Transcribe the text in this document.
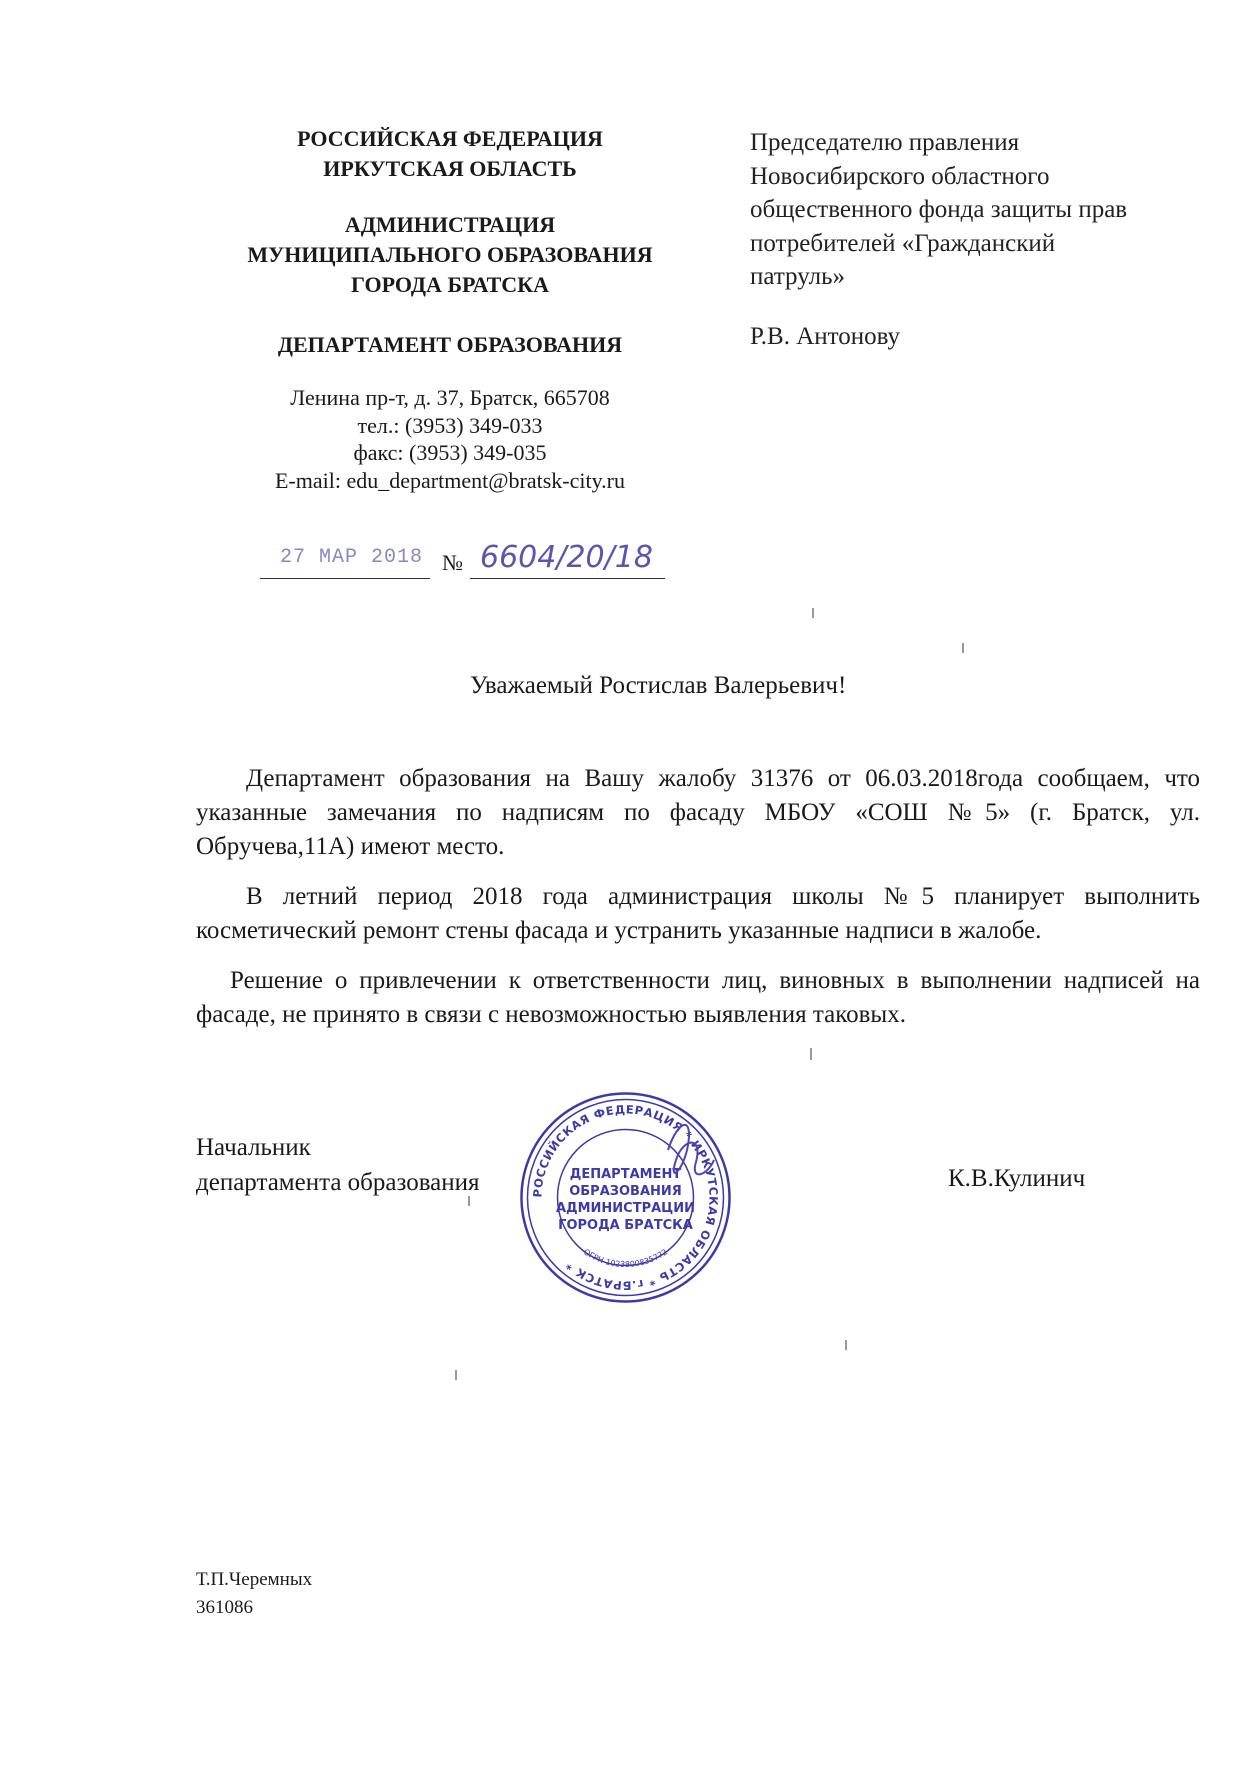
РОССИЙСКАЯ ФЕДЕРАЦИЯ

ИРКУТСКАЯ ОБЛАСТЬ

АДМИНИСТРАЦИЯ

МУНИЦИПАЛЬНОГО ОБРАЗОВАНИЯ

ГОРОДА БРАТСКА

ДЕПАРТАМЕНТ ОБРАЗОВАНИЯ

Ленина пр-т, д. 37, Братск, 665708

тел.: (3953) 349-033

факс: (3953) 349-035

E-mail: edu_department@bratsk-city.ru

Председателю правления
Новосибирского областного
общественного фонда защиты прав
потребителей «Гражданский
патруль»
Р.В. Антонову
27 МАР 2018 № 6604/20/18
Уважаемый Ростислав Валерьевич!

Департамент образования на Вашу жалобу 31376 от 06.03.2018года сообщаем, что указанные замечания по надписям по фасаду МБОУ «СОШ №5» (г. Братск, ул. Обручева,11А) имеют место.

В летний период 2018 года администрация школы №5 планирует выполнить косметический ремонт стены фасада и устранить указанные надписи в жалобе.

Решение о привлечении к ответственности лиц, виновных в выполнении надписей на фасаде, не принято в связи с невозможностью выявления таковых.

Начальник
департамента образования	К.В.Кулинич
РОССИЙСКАЯ ФЕДЕРАЦИЯ * ИРКУТСКАЯ ОБЛАСТЬ * г.БРАТСК *
ОГРН 1023800835772
ДЕПАРТАМЕНТ
ОБРАЗОВАНИЯ
АДМИНИСТРАЦИИ
ГОРОДА БРАТСКА
Т.П.Черемных
361086
